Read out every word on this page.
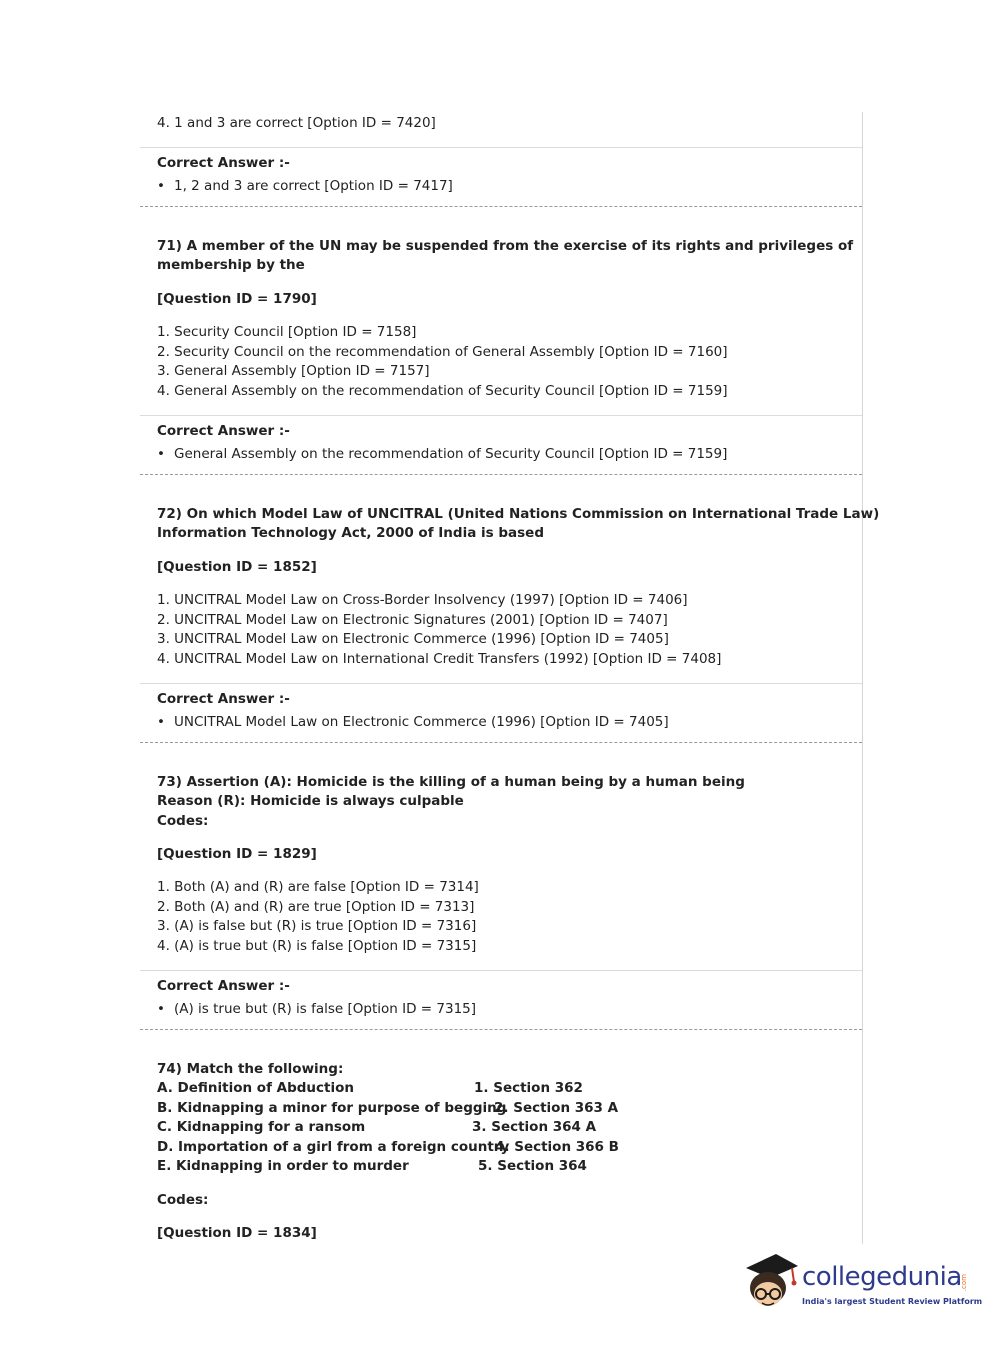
4. 1 and 3 are correct [Option ID = 7420]
Correct Answer :-
• 1, 2 and 3 are correct [Option ID = 7417]
71) A member of the UN may be suspended from the exercise of its rights and privileges of
membership by the
[Question ID = 1790]
1. Security Council [Option ID = 7158]
2. Security Council on the recommendation of General Assembly [Option ID = 7160]
3. General Assembly [Option ID = 7157]
4. General Assembly on the recommendation of Security Council [Option ID = 7159]
Correct Answer :-
• General Assembly on the recommendation of Security Council [Option ID = 7159]
72) On which Model Law of UNCITRAL (United Nations Commission on International Trade Law)
Information Technology Act, 2000 of India is based
[Question ID = 1852]
1. UNCITRAL Model Law on Cross-Border Insolvency (1997) [Option ID = 7406]
2. UNCITRAL Model Law on Electronic Signatures (2001) [Option ID = 7407]
3. UNCITRAL Model Law on Electronic Commerce (1996) [Option ID = 7405]
4. UNCITRAL Model Law on International Credit Transfers (1992) [Option ID = 7408]
Correct Answer :-
• UNCITRAL Model Law on Electronic Commerce (1996) [Option ID = 7405]
73) Assertion (A): Homicide is the killing of a human being by a human being
Reason (R): Homicide is always culpable
Codes:
[Question ID = 1829]
1. Both (A) and (R) are false [Option ID = 7314]
2. Both (A) and (R) are true [Option ID = 7313]
3. (A) is false but (R) is true [Option ID = 7316]
4. (A) is true but (R) is false [Option ID = 7315]
Correct Answer :-
• (A) is true but (R) is false [Option ID = 7315]
74) Match the following:
A. Definition of Abduction
B. Kidnapping a minor for purpose of begging
C. Kidnapping for a ransom
D. Importation of a girl from a foreign country
E. Kidnapping in order to murder
1. Section 362
2. Section 363 A
3. Section 364 A
4. Section 366 B
5. Section 364
Codes:
[Question ID = 1834]
collegedunia
.com
India's largest Student Review Platform
